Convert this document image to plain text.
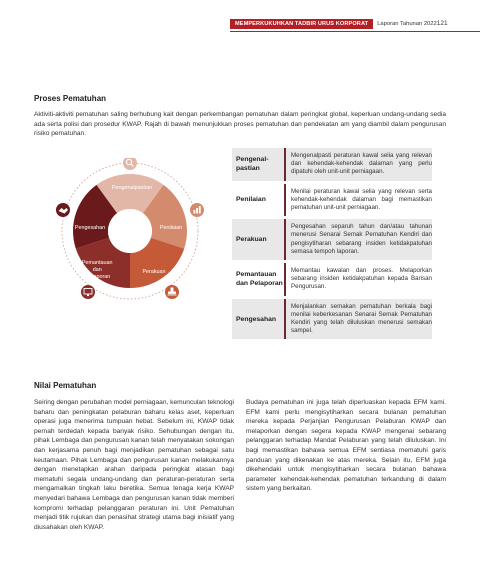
MEMPERKUKUHKAN TADBIR URUS KORPORAT	Laporan Tahunan 2022 121
Proses Pematuhan

Aktiviti-aktiviti pematuhan saling berhubung kait dengan perkembangan pematuhan dalam peringkat global, keperluan undang-undang sedia ada serta polisi dan prosedur KWAP. Rajah di bawah menunjukkan proses pematuhan dan pendekatan am yang diambil dalam pengurusan risiko pematuhan.

Pengenalpastian
Penilaian
Perakuan
Pemantauan dan Pelaporan
Pengesahan
Pengenal-pastian
Mengenalpasti peraturan kawal selia yang relevan dan kehendak-kehendak dalaman yang perlu dipatuhi oleh unit-unit perniagaan.
Penilaian
Menilai peraturan kawal selia yang relevan serta kehendak-kehendak dalaman bagi memastikan pematuhan unit-unit perniagaan.
Perakuan
Pengesahan separuh tahun dan/atau tahunan menerusi Senarai Semak Pematuhan Kendiri dan pengisytiharan sebarang insiden ketidakpatuhan semasa tempoh laporan.
Pemantauan dan Pelaporan
Memantau kawalan dan proses. Melaporkan sebarang insiden ketidakpatuhan kepada Barisan Pengurusan.
Pengesahan
Menjalankan semakan pematuhan berkala bagi menilai keberkesanan Senarai Semak Pematuhan Kendiri yang telah diluluskan menerusi semakan sampel.
Nilai Pematuhan

Seiring dengan perubahan model perniagaan, kemunculan teknologi baharu dan peningkatan pelaburan baharu kelas aset, keperluan operasi juga menerima tumpuan hebat. Sebelum ini, KWAP tidak pernah terdedah kepada banyak risiko. Sehubungan dengan itu, pihak Lembaga dan pengurusan kanan telah menyatakan sokongan dan kerjasama penuh bagi menjadikan pematuhan sebagai satu keutamaan. Pihak Lembaga dan pengurusan kanan melakukannya dengan menetapkan arahan daripada peringkat atasan bagi mematuhi segala undang-undang dan peraturan-peraturan serta mengamalkan tingkah laku beretika. Semua tenaga kerja KWAP menyedari bahawa Lembaga dan pengurusan kanan tidak memberi kompromi terhadap pelanggaran peraturan ini. Unit Pematuhan menjadi titik rujukan dan penasihat strategi utama bagi inisiatif yang diusahakan oleh KWAP.

Budaya pematuhan ini juga telah diperluaskan kepada EFM kami. EFM kami perlu mengisytiharkan secara bulanan pematuhan mereka kepada Perjanjian Pengurusan Pelaburan KWAP dan melaporkan dengan segera kepada KWAP mengenai sebarang pelanggaran terhadap Mandat Pelaburan yang telah diluluskan. Ini bagi memastikan bahawa semua EFM sentiasa mematuhi garis panduan yang dikenakan ke atas mereka. Selain itu, EFM juga dikehendaki untuk mengisytiharkan secara bulanan bahawa parameter kehendak-kehendak pematuhan terkandung di dalam sistem yang berkaitan.
